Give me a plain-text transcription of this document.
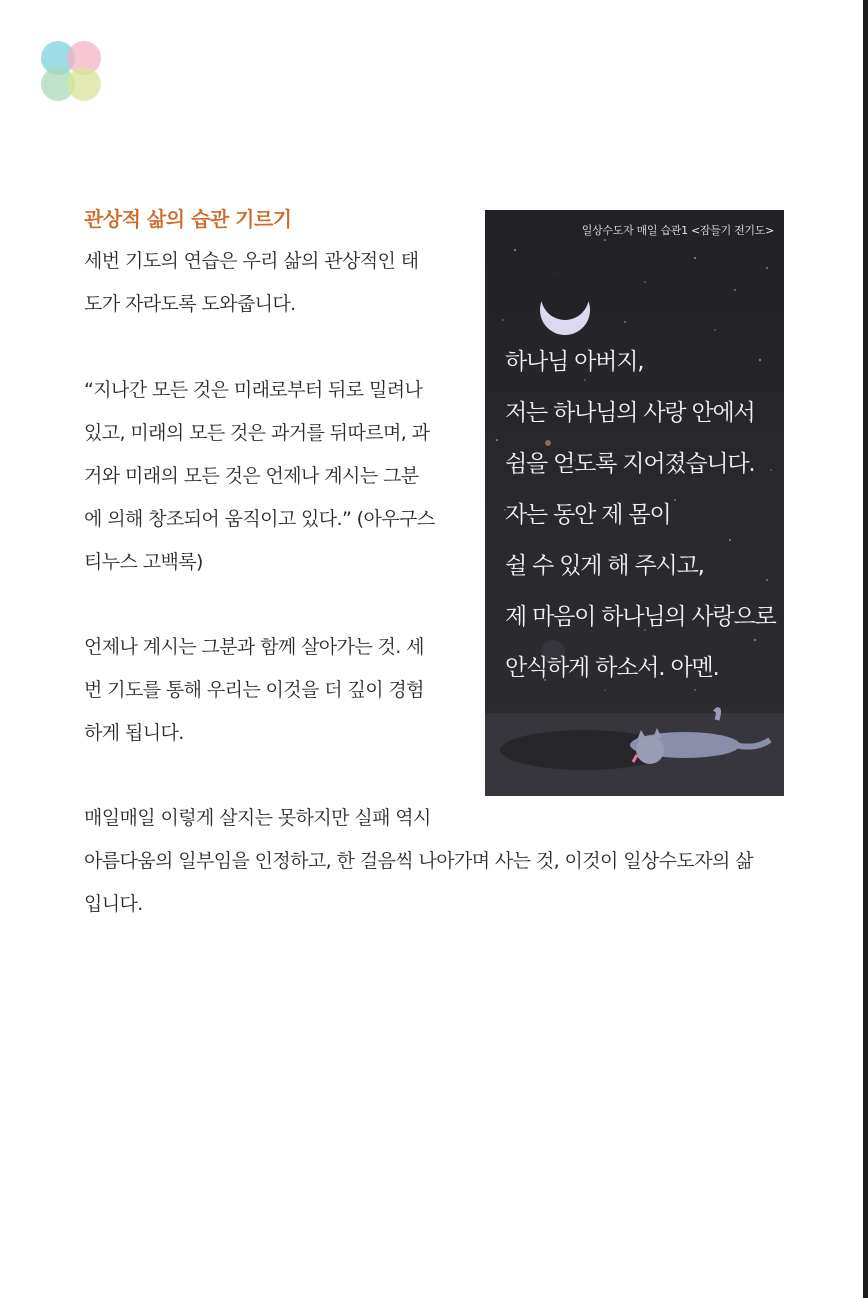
관상적 삶의 습관 기르기
세번 기도의 연습은 우리 삶의 관상적인 태
도가 자라도록 도와줍니다.
“지나간 모든 것은 미래로부터 뒤로 밀려나
있고, 미래의 모든 것은 과거를 뒤따르며, 과
거와 미래의 모든 것은 언제나 계시는 그분
에 의해 창조되어 움직이고 있다.” (아우구스
티누스 고백록)
언제나 계시는 그분과 함께 살아가는 것. 세
번 기도를 통해 우리는 이것을 더 깊이 경험
하게 됩니다.
매일매일 이렇게 살지는 못하지만 실패 역시
아름다움의 일부임을 인정하고, 한 걸음씩 나아가며 사는 것, 이것이 일상수도자의 삶
입니다.
일상수도자 매일 습관1 <잠들기 전기도>
하나님 아버지,
저는 하나님의 사랑 안에서
쉼을 얻도록 지어졌습니다.
자는 동안 제 몸이
쉴 수 있게 해 주시고,
제 마음이 하나님의 사랑으로
안식하게 하소서. 아멘.
